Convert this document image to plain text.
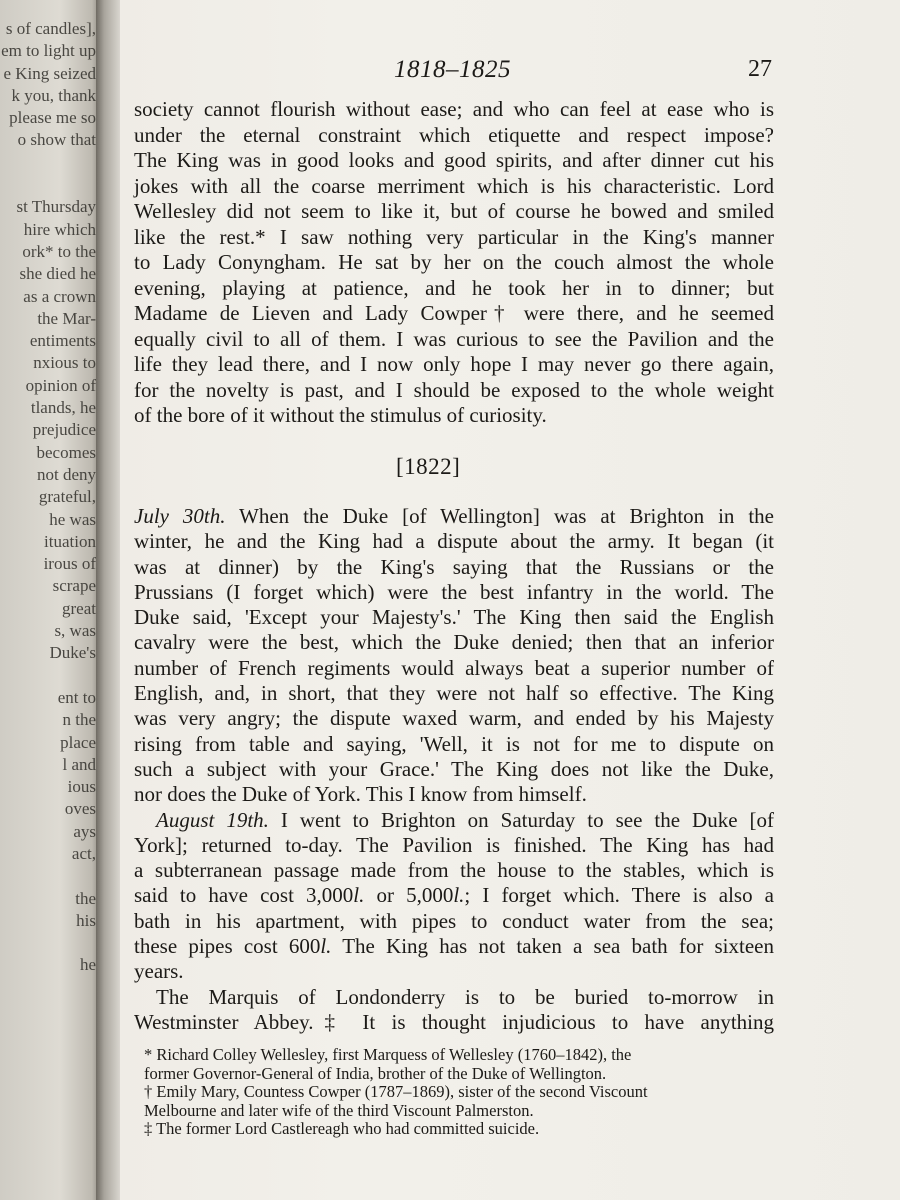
s of candles],
em to light up
e King seized
k you, thank
please me so
o show that

st Thursday
hire which
ork* to the
she died he
as a crown
the Mar-
entiments
nxious to
opinion of
tlands, he
prejudice
becomes
not deny
grateful,
he was
ituation
irous of
scrape
great
s, was
Duke's

ent to
n the
place
l and
ious
oves
ays
act,

the
his

he
1818–1825	27
society cannot flourish without ease; and who can feel at ease who is
under the eternal constraint which etiquette and respect impose?
The King was in good looks and good spirits, and after dinner cut his
jokes with all the coarse merriment which is his characteristic. Lord
Wellesley did not seem to like it, but of course he bowed and smiled
like the rest.* I saw nothing very particular in the King's manner
to Lady Conyngham. He sat by her on the couch almost the whole
evening, playing at patience, and he took her in to dinner; but
Madame de Lieven and Lady Cowper† were there, and he seemed
equally civil to all of them. I was curious to see the Pavilion and the
life they lead there, and I now only hope I may never go there again,
for the novelty is past, and I should be exposed to the whole weight
of the bore of it without the stimulus of curiosity.
[1822]
July 30th. When the Duke [of Wellington] was at Brighton in the
winter, he and the King had a dispute about the army. It began (it
was at dinner) by the King's saying that the Russians or the
Prussians (I forget which) were the best infantry in the world. The
Duke said, 'Except your Majesty's.' The King then said the English
cavalry were the best, which the Duke denied; then that an inferior
number of French regiments would always beat a superior number of
English, and, in short, that they were not half so effective. The King
was very angry; the dispute waxed warm, and ended by his Majesty
rising from table and saying, 'Well, it is not for me to dispute on
such a subject with your Grace.' The King does not like the Duke,
nor does the Duke of York. This I know from himself.
August 19th. I went to Brighton on Saturday to see the Duke [of
York]; returned to-day. The Pavilion is finished. The King has had
a subterranean passage made from the house to the stables, which is
said to have cost 3,000l. or 5,000l.; I forget which. There is also a
bath in his apartment, with pipes to conduct water from the sea;
these pipes cost 600l. The King has not taken a sea bath for sixteen
years.
The Marquis of Londonderry is to be buried to-morrow in
Westminster Abbey.‡ It is thought injudicious to have anything
* Richard Colley Wellesley, first Marquess of Wellesley (1760–1842), the
former Governor-General of India, brother of the Duke of Wellington.
† Emily Mary, Countess Cowper (1787–1869), sister of the second Viscount
Melbourne and later wife of the third Viscount Palmerston.
‡ The former Lord Castlereagh who had committed suicide.
